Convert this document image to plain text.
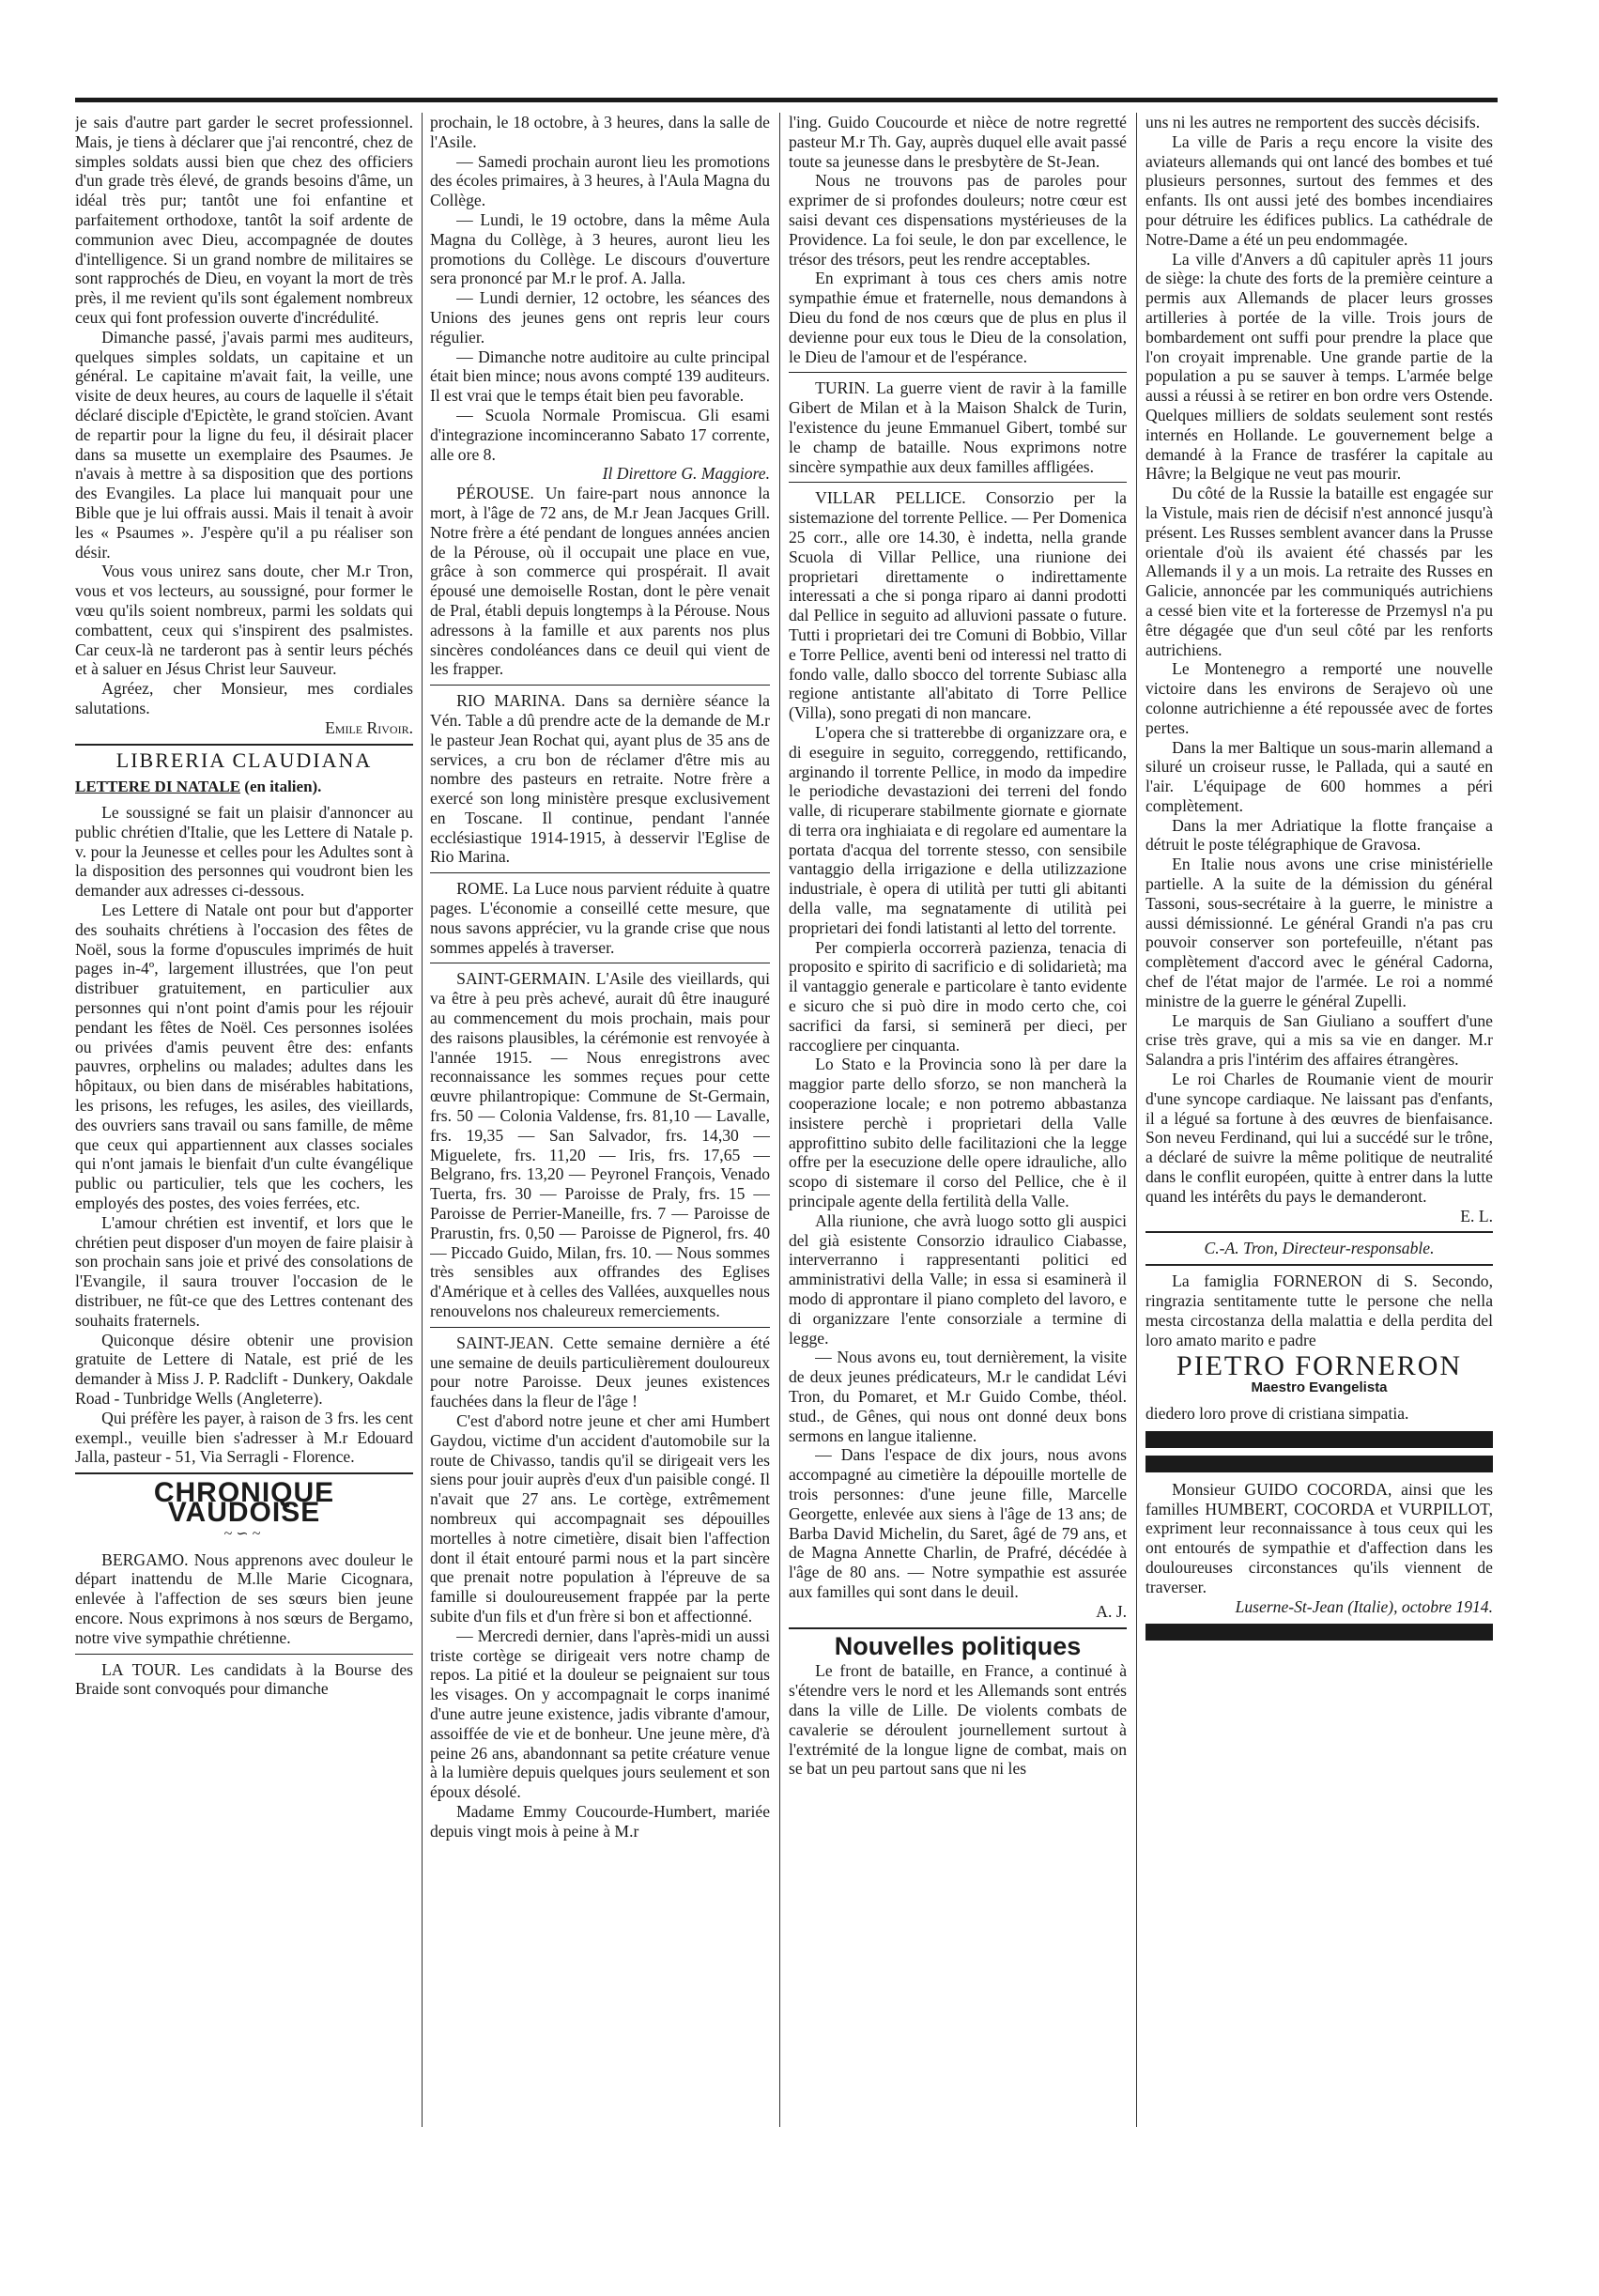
je sais d'autre part garder le secret professionnel. Mais, je tiens à déclarer que j'ai rencontré, chez de simples soldats aussi bien que chez des officiers d'un grade très élevé, de grands besoins d'âme, un idéal très pur; tantôt une foi enfantine et parfaitement orthodoxe, tantôt la soif ardente de communion avec Dieu, accompagnée de doutes d'intelligence. Si un grand nombre de militaires se sont rapprochés de Dieu, en voyant la mort de très près, il me revient qu'ils sont également nombreux ceux qui font profession ouverte d'incrédulité.

Dimanche passé, j'avais parmi mes auditeurs, quelques simples soldats, un capitaine et un général. Le capitaine m'avait fait, la veille, une visite de deux heures, au cours de laquelle il s'était déclaré disciple d'Epictète, le grand stoïcien. Avant de repartir pour la ligne du feu, il désirait placer dans sa musette un exemplaire des Psaumes. Je n'avais à mettre à sa disposition que des portions des Evangiles. La place lui manquait pour une Bible que je lui offrais aussi. Mais il tenait à avoir les « Psaumes ». J'espère qu'il a pu réaliser son désir.

Vous vous unirez sans doute, cher M.r Tron, vous et vos lecteurs, au soussigné, pour former le vœu qu'ils soient nombreux, parmi les soldats qui combattent, ceux qui s'inspirent des psalmistes. Car ceux-là ne tarderont pas à sentir leurs péchés et à saluer en Jésus Christ leur Sauveur.

Agréez, cher Monsieur, mes cordiales salutations.

Emile Rivoir.

LIBRERIA CLAUDIANA
LETTERE DI NATALE (en italien).

Le soussigné se fait un plaisir d'annoncer au public chrétien d'Italie, que les Lettere di Natale p. v. pour la Jeunesse et celles pour les Adultes sont à la disposition des personnes qui voudront bien les demander aux adresses ci-dessous.

Les Lettere di Natale ont pour but d'apporter des souhaits chrétiens à l'occasion des fêtes de Noël, sous la forme d'opuscules imprimés de huit pages in-4º, largement illustrées, que l'on peut distribuer gratuitement, en particulier aux personnes qui n'ont point d'amis pour les réjouir pendant les fêtes de Noël. Ces personnes isolées ou privées d'amis peuvent être des: enfants pauvres, orphelins ou malades; adultes dans les hôpitaux, ou bien dans de misérables habitations, les prisons, les refuges, les asiles, des vieillards, des ouvriers sans travail ou sans famille, de même que ceux qui appartiennent aux classes sociales qui n'ont jamais le bienfait d'un culte évangélique public ou particulier, tels que les cochers, les employés des postes, des voies ferrées, etc.

L'amour chrétien est inventif, et lors que le chrétien peut disposer d'un moyen de faire plaisir à son prochain sans joie et privé des consolations de l'Evangile, il saura trouver l'occasion de le distribuer, ne fût-ce que des Lettres contenant des souhaits fraternels.

Quiconque désire obtenir une provision gratuite de Lettere di Natale, est prié de les demander à Miss J. P. Radclift - Dunkery, Oakdale Road - Tunbridge Wells (Angleterre).

Qui préfère les payer, à raison de 3 frs. les cent exempl., veuille bien s'adresser à M.r Edouard Jalla, pasteur - 51, Via Serragli - Florence.

CHRONIQUE VAUDOISE
~∽~

BERGAMO. Nous apprenons avec douleur le départ inattendu de M.lle Marie Cicognara, enlevée à l'affection de ses sœurs bien jeune encore. Nous exprimons à nos sœurs de Bergamo, notre vive sympathie chrétienne.

LA TOUR. Les candidats à la Bourse des Braide sont convoqués pour dimanche

prochain, le 18 octobre, à 3 heures, dans la salle de l'Asile.

— Samedi prochain auront lieu les promotions des écoles primaires, à 3 heures, à l'Aula Magna du Collège.

— Lundi, le 19 octobre, dans la même Aula Magna du Collège, à 3 heures, auront lieu les promotions du Collège. Le discours d'ouverture sera prononcé par M.r le prof. A. Jalla.

— Lundi dernier, 12 octobre, les séances des Unions des jeunes gens ont repris leur cours régulier.

— Dimanche notre auditoire au culte principal était bien mince; nous avons compté 139 auditeurs. Il est vrai que le temps était bien peu favorable.

— Scuola Normale Promiscua. Gli esami d'integrazione incominceranno Sabato 17 corrente, alle ore 8.

Il Direttore G. Maggiore.

PÉROUSE. Un faire-part nous annonce la mort, à l'âge de 72 ans, de M.r Jean Jacques Grill. Notre frère a été pendant de longues années ancien de la Pérouse, où il occupait une place en vue, grâce à son commerce qui prospérait. Il avait épousé une demoiselle Rostan, dont le père venait de Pral, établi depuis longtemps à la Pérouse. Nous adressons à la famille et aux parents nos plus sincères condoléances dans ce deuil qui vient de les frapper.

RIO MARINA. Dans sa dernière séance la Vén. Table a dû prendre acte de la demande de M.r le pasteur Jean Rochat qui, ayant plus de 35 ans de services, a cru bon de réclamer d'être mis au nombre des pasteurs en retraite. Notre frère a exercé son long ministère presque exclusivement en Toscane. Il continue, pendant l'année ecclésiastique 1914-1915, à desservir l'Eglise de Rio Marina.

ROME. La Luce nous parvient réduite à quatre pages. L'économie a conseillé cette mesure, que nous savons apprécier, vu la grande crise que nous sommes appelés à traverser.

SAINT-GERMAIN. L'Asile des vieillards, qui va être à peu près achevé, aurait dû être inauguré au commencement du mois prochain, mais pour des raisons plausibles, la cérémonie est renvoyée à l'année 1915. — Nous enregistrons avec reconnaissance les sommes reçues pour cette œuvre philantropique: Commune de St-Germain, frs. 50 — Colonia Valdense, frs. 81,10 — Lavalle, frs. 19,35 — San Salvador, frs. 14,30 — Miguelete, frs. 11,20 — Iris, frs. 17,65 — Belgrano, frs. 13,20 — Peyronel François, Venado Tuerta, frs. 30 — Paroisse de Praly, frs. 15 — Paroisse de Perrier-Maneille, frs. 7 — Paroisse de Prarustin, frs. 0,50 — Paroisse de Pignerol, frs. 40 — Piccado Guido, Milan, frs. 10. — Nous sommes très sensibles aux offrandes des Eglises d'Amérique et à celles des Vallées, auxquelles nous renouvelons nos chaleureux remerciements.

SAINT-JEAN. Cette semaine dernière a été une semaine de deuils particulièrement douloureux pour notre Paroisse. Deux jeunes existences fauchées dans la fleur de l'âge !

C'est d'abord notre jeune et cher ami Humbert Gaydou, victime d'un accident d'automobile sur la route de Chivasso, tandis qu'il se dirigeait vers les siens pour jouir auprès d'eux d'un paisible congé. Il n'avait que 27 ans. Le cortège, extrêmement nombreux qui accompagnait ses dépouilles mortelles à notre cimetière, disait bien l'affection dont il était entouré parmi nous et la part sincère que prenait notre population à l'épreuve de sa famille si douloureusement frappée par la perte subite d'un fils et d'un frère si bon et affectionné.

— Mercredi dernier, dans l'après-midi un aussi triste cortège se dirigeait vers notre champ de repos. La pitié et la douleur se peignaient sur tous les visages. On y accompagnait le corps inanimé d'une autre jeune existence, jadis vibrante d'amour, assoiffée de vie et de bonheur. Une jeune mère, d'à peine 26 ans, abandonnant sa petite créature venue à la lumière depuis quelques jours seulement et son époux désolé.

Madame Emmy Coucourde-Humbert, mariée depuis vingt mois à peine à M.r

l'ing. Guido Coucourde et nièce de notre regretté pasteur M.r Th. Gay, auprès duquel elle avait passé toute sa jeunesse dans le presbytère de St-Jean.

Nous ne trouvons pas de paroles pour exprimer de si profondes douleurs; notre cœur est saisi devant ces dispensations mystérieuses de la Providence. La foi seule, le don par excellence, le trésor des trésors, peut les rendre acceptables.

En exprimant à tous ces chers amis notre sympathie émue et fraternelle, nous demandons à Dieu du fond de nos cœurs que de plus en plus il devienne pour eux tous le Dieu de la consolation, le Dieu de l'amour et de l'espérance.

TURIN. La guerre vient de ravir à la famille Gibert de Milan et à la Maison Shalck de Turin, l'existence du jeune Emmanuel Gibert, tombé sur le champ de bataille. Nous exprimons notre sincère sympathie aux deux familles affligées.

VILLAR PELLICE. Consorzio per la sistemazione del torrente Pellice. — Per Domenica 25 corr., alle ore 14.30, è indetta, nella grande Scuola di Villar Pellice, una riunione dei proprietari direttamente o indirettamente interessati a che si ponga riparo ai danni prodotti dal Pellice in seguito ad alluvioni passate o future. Tutti i proprietari dei tre Comuni di Bobbio, Villar e Torre Pellice, aventi beni od interessi nel tratto di fondo valle, dallo sbocco del torrente Subiasc alla regione antistante all'abitato di Torre Pellice (Villa), sono pregati di non mancare.

L'opera che si tratterebbe di organizzare ora, e di eseguire in seguito, correggendo, rettificando, arginando il torrente Pellice, in modo da impedire le periodiche devastazioni dei terreni del fondo valle, di ricuperare stabilmente giornate e giornate di terra ora inghiaiata e di regolare ed aumentare la portata d'acqua del torrente stesso, con sensibile vantaggio della irrigazione e della utilizzazione industriale, è opera di utilità per tutti gli abitanti della valle, ma segnatamente di utilità pei proprietari dei fondi latistanti al letto del torrente.

Per compierla occorrerà pazienza, tenacia di proposito e spirito di sacrificio e di solidarietà; ma il vantaggio generale e particolare è tanto evidente e sicuro che si può dire in modo certo che, coi sacrifici da farsi, si semineră per dieci, per raccogliere per cinquanta.

Lo Stato e la Provincia sono là per dare la maggior parte dello sforzo, se non mancherà la cooperazione locale; e non potremo abbastanza insistere perchè i proprietari della Valle approfittino subito delle facilitazioni che la legge offre per la esecuzione delle opere idrauliche, allo scopo di sistemare il corso del Pellice, che è il principale agente della fertilità della Valle.

Alla riunione, che avrà luogo sotto gli auspici del già esistente Consorzio idraulico Ciabasse, interverranno i rappresentanti politici ed amministrativi della Valle; in essa si esaminerà il modo di approntare il piano completo del lavoro, e di organizzare l'ente consorziale a termine di legge.

— Nous avons eu, tout dernièrement, la visite de deux jeunes prédicateurs, M.r le candidat Lévi Tron, du Pomaret, et M.r Guido Combe, théol. stud., de Gênes, qui nous ont donné deux bons sermons en langue italienne.

— Dans l'espace de dix jours, nous avons accompagné au cimetière la dépouille mortelle de trois personnes: d'une jeune fille, Marcelle Georgette, enlevée aux siens à l'âge de 13 ans; de Barba David Michelin, du Saret, âgé de 79 ans, et de Magna Annette Charlin, de Prafré, décédée à l'âge de 80 ans. — Notre sympathie est assurée aux familles qui sont dans le deuil.

A. J.

Nouvelles politiques

Le front de bataille, en France, a continué à s'étendre vers le nord et les Allemands sont entrés dans la ville de Lille. De violents combats de cavalerie se déroulent journellement surtout à l'extrémité de la longue ligne de combat, mais on se bat un peu partout sans que ni les

uns ni les autres ne remportent des succès décisifs.

La ville de Paris a reçu encore la visite des aviateurs allemands qui ont lancé des bombes et tué plusieurs personnes, surtout des femmes et des enfants. Ils ont aussi jeté des bombes incendiaires pour détruire les édifices publics. La cathédrale de Notre-Dame a été un peu endommagée.

La ville d'Anvers a dû capituler après 11 jours de siège: la chute des forts de la première ceinture a permis aux Allemands de placer leurs grosses artilleries à portée de la ville. Trois jours de bombardement ont suffi pour prendre la place que l'on croyait imprenable. Une grande partie de la population a pu se sauver à temps. L'armée belge aussi a réussi à se retirer en bon ordre vers Ostende. Quelques milliers de soldats seulement sont restés internés en Hollande. Le gouvernement belge a demandé à la France de trasférer la capitale au Hâvre; la Belgique ne veut pas mourir.

Du côté de la Russie la bataille est engagée sur la Vistule, mais rien de décisif n'est annoncé jusqu'à présent. Les Russes semblent avancer dans la Prusse orientale d'où ils avaient été chassés par les Allemands il y a un mois. La retraite des Russes en Galicie, annoncée par les communiqués autrichiens a cessé bien vite et la forteresse de Przemysl n'a pu être dégagée que d'un seul côté par les renforts autrichiens.

Le Montenegro a remporté une nouvelle victoire dans les environs de Serajevo où une colonne autrichienne a été repoussée avec de fortes pertes.

Dans la mer Baltique un sous-marin allemand a siluré un croiseur russe, le Pallada, qui a sauté en l'air. L'équipage de 600 hommes a péri complètement.

Dans la mer Adriatique la flotte française a détruit le poste télégraphique de Gravosa.

En Italie nous avons une crise ministérielle partielle. A la suite de la démission du général Tassoni, sous-secrétaire à la guerre, le ministre a aussi démissionné. Le général Grandi n'a pas cru pouvoir conserver son portefeuille, n'étant pas complètement d'accord avec le général Cadorna, chef de l'état major de l'armée. Le roi a nommé ministre de la guerre le général Zupelli.

Le marquis de San Giuliano a souffert d'une crise très grave, qui a mis sa vie en danger. M.r Salandra a pris l'intérim des affaires étrangères.

Le roi Charles de Roumanie vient de mourir d'une syncope cardiaque. Ne laissant pas d'enfants, il a légué sa fortune à des œuvres de bienfaisance. Son neveu Ferdinand, qui lui a succédé sur le trône, a déclaré de suivre la même politique de neutralité dans le conflit européen, quitte à entrer dans la lutte quand les intérêts du pays le demanderont.

E. L.

C.-A. Tron, Directeur-responsable.

La famiglia FORNERON di S. Secondo, ringrazia sentitamente tutte le persone che nella mesta circostanza della malattia e della perdita del loro amato marito e padre

PIETRO FORNERON
Maestro Evangelista

diedero loro prove di cristiana simpatia.

Monsieur GUIDO COCORDA, ainsi que les familles HUMBERT, COCORDA et VURPILLOT, expriment leur reconnaissance à tous ceux qui les ont entourés de sympathie et d'affection dans les douloureuses circonstances qu'ils viennent de traverser.

Luserne-St-Jean (Italie), octobre 1914.
